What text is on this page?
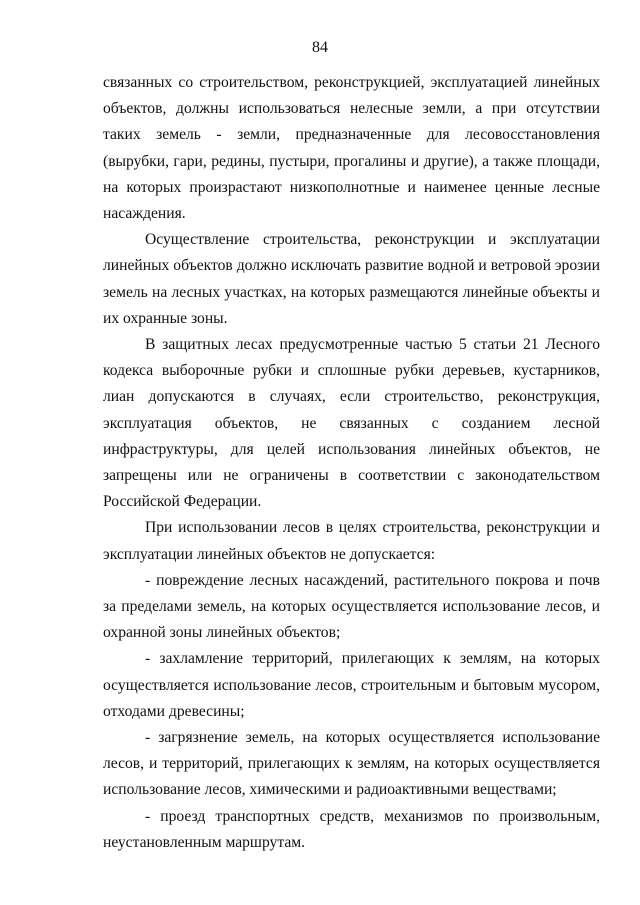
84

связанных со строительством, реконструкцией, эксплуатацией линейных объектов, должны использоваться нелесные земли, а при отсутствии таких земель - земли, предназначенные для лесовосстановления (вырубки, гари, редины, пустыри, прогалины и другие), а также площади, на которых произрастают низкополнотные и наименее ценные лесные насаждения.

Осуществление строительства, реконструкции и эксплуатации линейных объектов должно исключать развитие водной и ветровой эрозии земель на лесных участках, на которых размещаются линейные объекты и их охранные зоны.

В защитных лесах предусмотренные частью 5 статьи 21 Лесного кодекса выборочные рубки и сплошные рубки деревьев, кустарников, лиан допускаются в случаях, если строительство, реконструкция, эксплуатация объектов, не связанных с созданием лесной инфраструктуры, для целей использования линейных объектов, не запрещены или не ограничены в соответствии с законодательством Российской Федерации.

При использовании лесов в целях строительства, реконструкции и эксплуатации линейных объектов не допускается:

- повреждение лесных насаждений, растительного покрова и почв за пределами земель, на которых осуществляется использование лесов, и охранной зоны линейных объектов;

- захламление территорий, прилегающих к землям, на которых осуществляется использование лесов, строительным и бытовым мусором, отходами древесины;

- загрязнение земель, на которых осуществляется использование лесов, и территорий, прилегающих к землям, на которых осуществляется использование лесов, химическими и радиоактивными веществами;

- проезд транспортных средств, механизмов по произвольным, неустановленным маршрутам.
